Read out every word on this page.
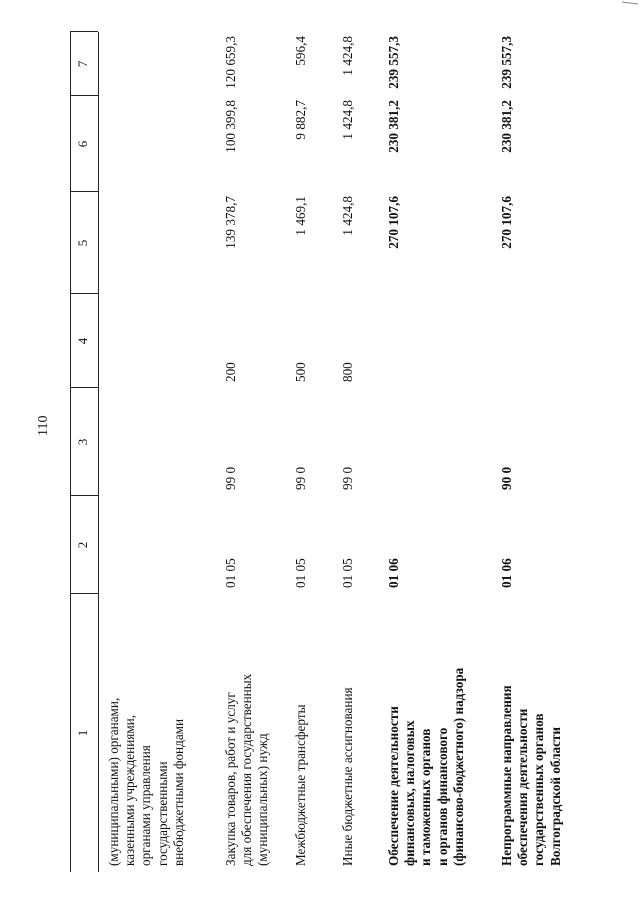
110
1
2
3
4
5
6
7
(муниципальными) органами, казенными учреждениями, органами управления государственными внебюджетными фондами	Закупка товаров, работ и услуг для обеспечения государственных (муниципальных) нужд
01 05
99 0
200
139 378,7
100 399,8
120 659,3
Межбюджетные трансферты
01 05
99 0
500
1 469,1
9 882,7
596,4
Иные бюджетные ассигнования
01 05
99 0
800
1 424,8
1 424,8
1 424,8
Обеспечение деятельности финансовых, налоговых и таможенных органов и органов финансового (финансово-бюджетного) надзора
01 06
270 107,6
230 381,2
239 557,3
Непрограммные направления обеспечения деятельности государственных органов Волгоградской области
01 06
90 0
270 107,6
230 381,2
239 557,3
